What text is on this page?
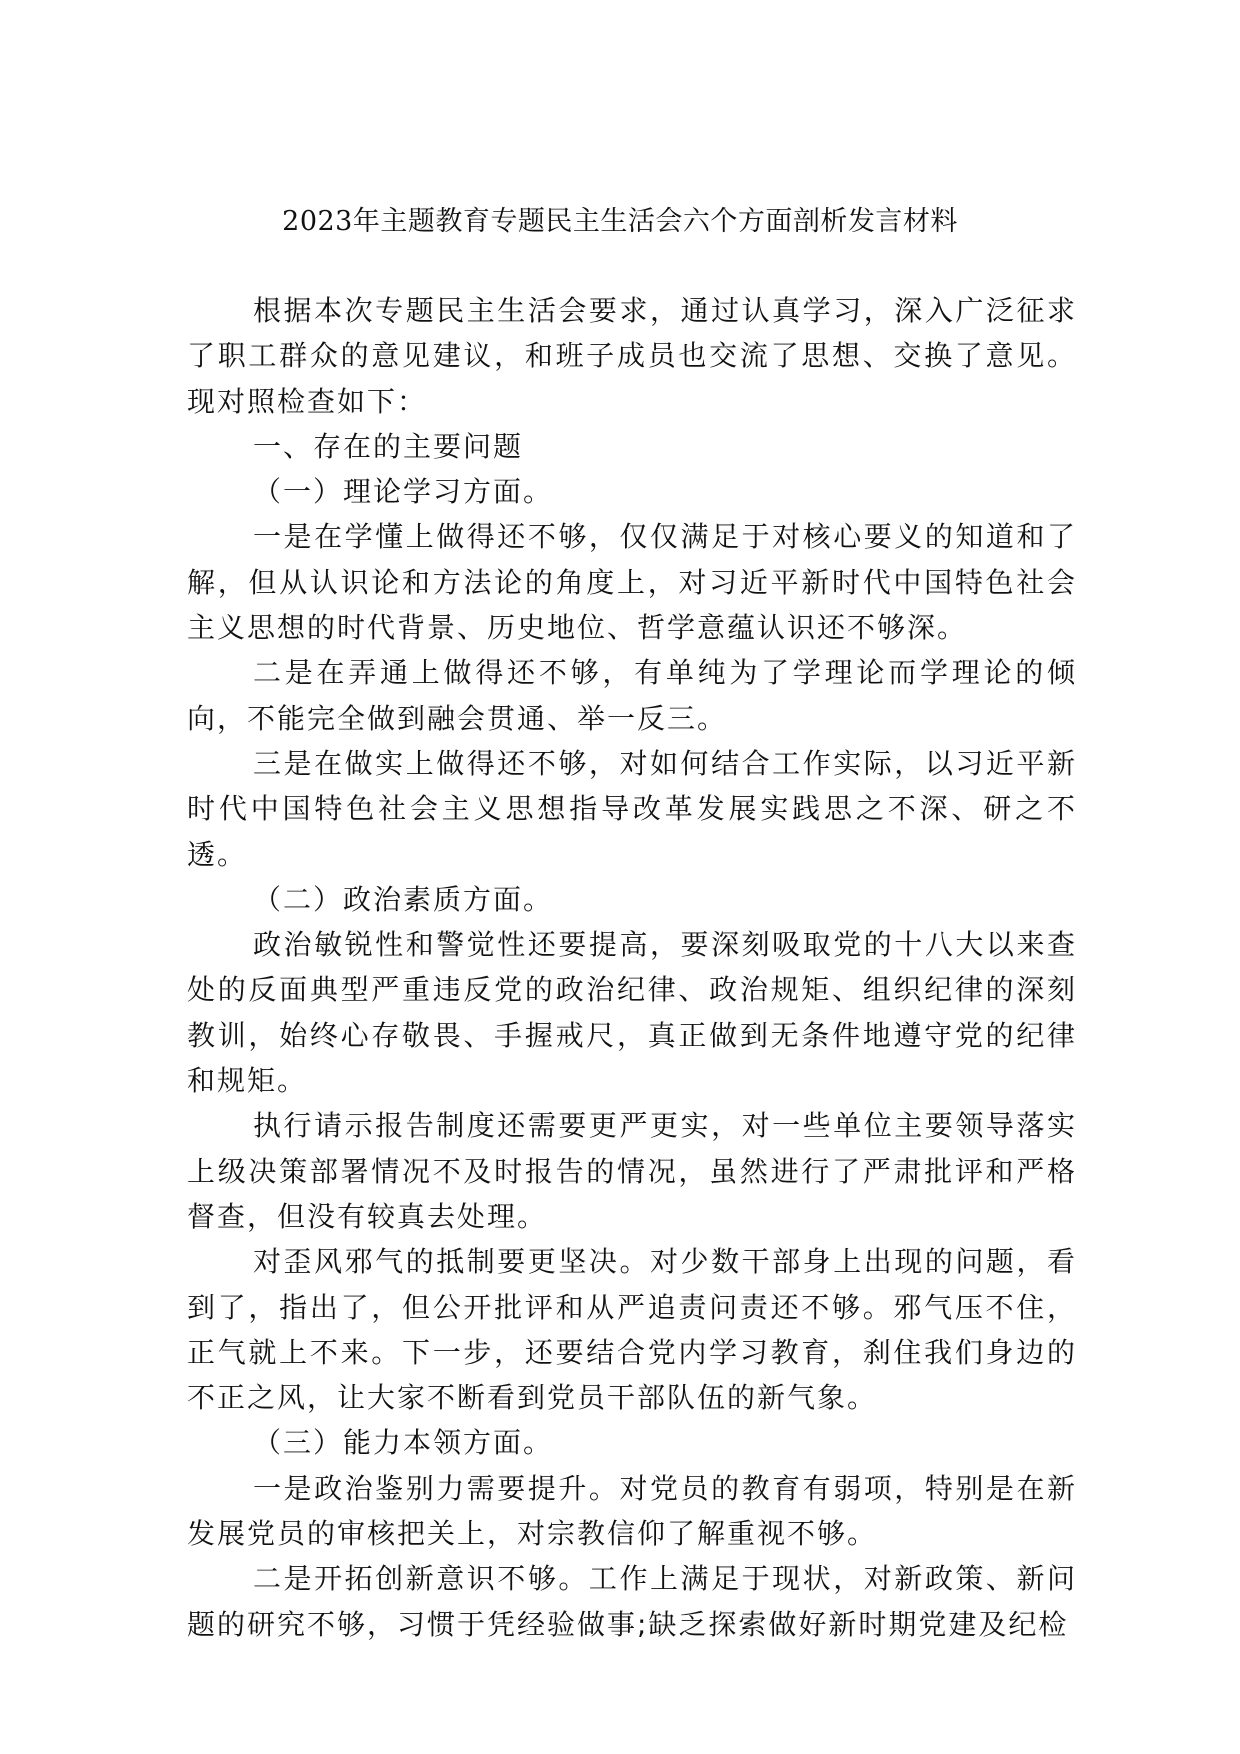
2023年主题教育专题民主生活会六个方面剖析发言材料

根据本次专题民主生活会要求，通过认真学习，深入广泛征求了职工群众的意见建议，和班子成员也交流了思想、交换了意见。现对照检查如下：

一、存在的主要问题

（一）理论学习方面。

一是在学懂上做得还不够，仅仅满足于对核心要义的知道和了解，但从认识论和方法论的角度上，对习近平新时代中国特色社会主义思想的时代背景、历史地位、哲学意蕴认识还不够深。

二是在弄通上做得还不够，有单纯为了学理论而学理论的倾向，不能完全做到融会贯通、举一反三。

三是在做实上做得还不够，对如何结合工作实际，以习近平新时代中国特色社会主义思想指导改革发展实践思之不深、研之不透。

（二）政治素质方面。

政治敏锐性和警觉性还要提高，要深刻吸取党的十八大以来查处的反面典型严重违反党的政治纪律、政治规矩、组织纪律的深刻教训，始终心存敬畏、手握戒尺，真正做到无条件地遵守党的纪律和规矩。

执行请示报告制度还需要更严更实，对一些单位主要领导落实上级决策部署情况不及时报告的情况，虽然进行了严肃批评和严格督查，但没有较真去处理。

对歪风邪气的抵制要更坚决。对少数干部身上出现的问题，看到了，指出了，但公开批评和从严追责问责还不够。邪气压不住，正气就上不来。下一步，还要结合党内学习教育，刹住我们身边的不正之风，让大家不断看到党员干部队伍的新气象。

（三）能力本领方面。

一是政治鉴别力需要提升。对党员的教育有弱项，特别是在新发展党员的审核把关上，对宗教信仰了解重视不够。

二是开拓创新意识不够。工作上满足于现状，对新政策、新问题的研究不够，习惯于凭经验做事;缺乏探索做好新时期党建及纪检
